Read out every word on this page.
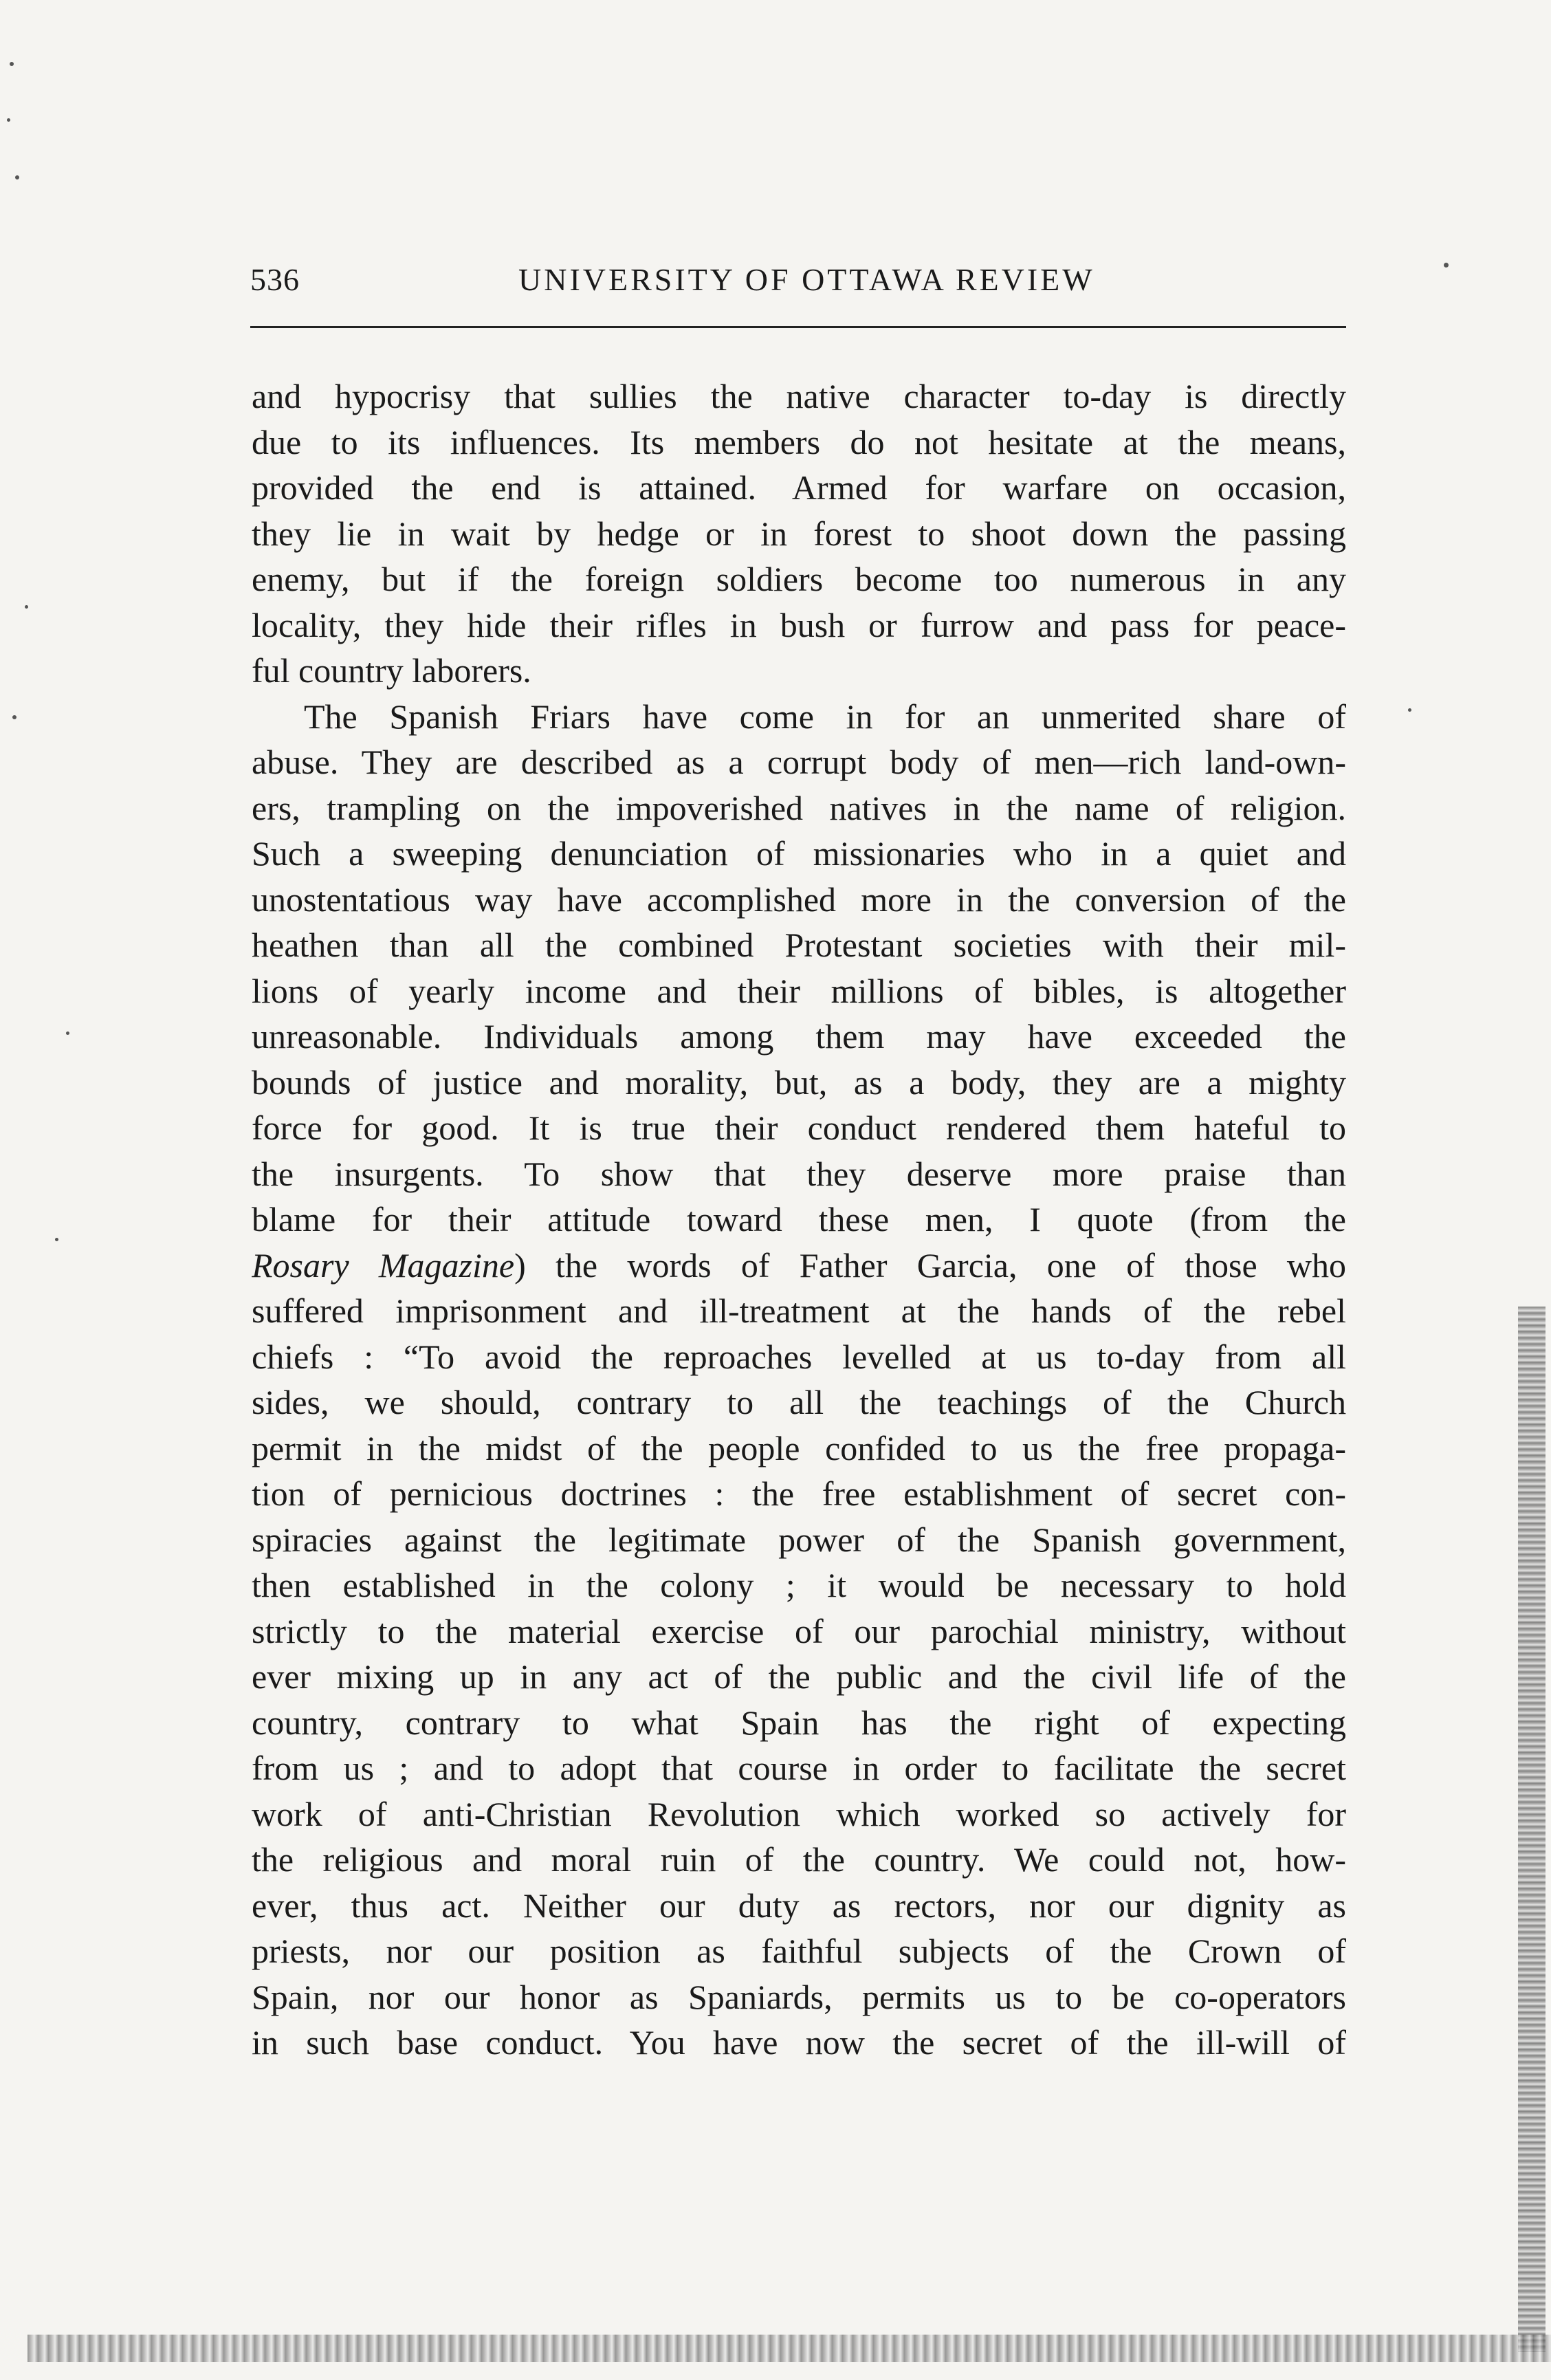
536	UNIVERSITY OF OTTAWA REVIEW
and hypocrisy that sullies the native character to-day is directly
due to its influences. Its members do not hesitate at the means,
provided the end is attained. Armed for warfare on occasion,
they lie in wait by hedge or in forest to shoot down the passing
enemy, but if the foreign soldiers become too numerous in any
locality, they hide their rifles in bush or furrow and pass for peace-
ful country laborers.
The Spanish Friars have come in for an unmerited share of
abuse. They are described as a corrupt body of men—rich land-own-
ers, trampling on the impoverished natives in the name of religion.
Such a sweeping denunciation of missionaries who in a quiet and
unostentatious way have accomplished more in the conversion of the
heathen than all the combined Protestant societies with their mil-
lions of yearly income and their millions of bibles, is altogether
unreasonable. Individuals among them may have exceeded the
bounds of justice and morality, but, as a body, they are a mighty
force for good. It is true their conduct rendered them hateful to
the insurgents. To show that they deserve more praise than
blame for their attitude toward these men, I quote (from the
Rosary Magazine) the words of Father Garcia, one of those who
suffered imprisonment and ill-treatment at the hands of the rebel
chiefs : “To avoid the reproaches levelled at us to-day from all
sides, we should, contrary to all the teachings of the Church
permit in the midst of the people confided to us the free propaga-
tion of pernicious doctrines : the free establishment of secret con-
spiracies against the legitimate power of the Spanish government,
then established in the colony ; it would be necessary to hold
strictly to the material exercise of our parochial ministry, without
ever mixing up in any act of the public and the civil life of the
country, contrary to what Spain has the right of expecting
from us ; and to adopt that course in order to facilitate the secret
work of anti-Christian Revolution which worked so actively for
the religious and moral ruin of the country. We could not, how-
ever, thus act. Neither our duty as rectors, nor our dignity as
priests, nor our position as faithful subjects of the Crown of
Spain, nor our honor as Spaniards, permits us to be co-operators
in such base conduct. You have now the secret of the ill-will of
